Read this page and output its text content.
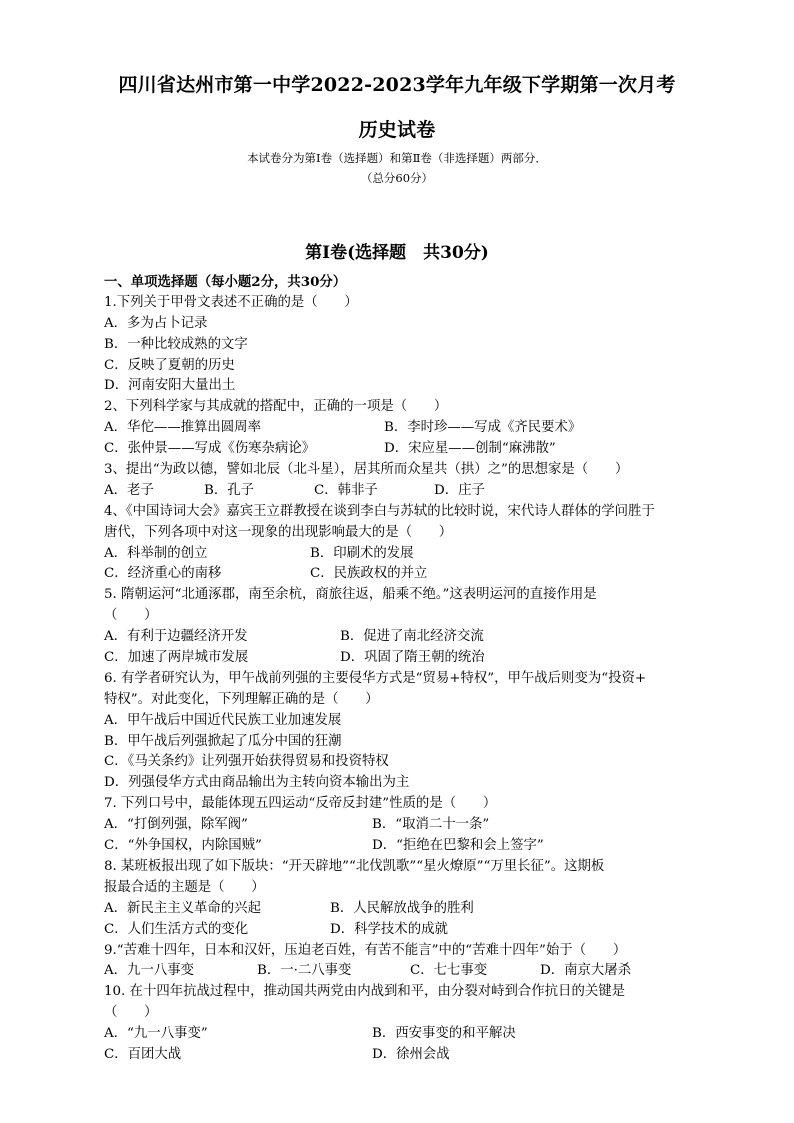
四川省达州市第一中学2022-2023学年九年级下学期第一次月考
历史试卷
本试卷分为第Ⅰ卷（选择题）和第Ⅱ卷（非选择题）两部分．
（总分60分）
第Ⅰ卷(选择题　共30分)
一、单项选择题（每小题2分，共30分）
1.下列关于甲骨文表述不正确的是（　　）
A．多为占卜记录
B．一种比较成熟的文字
C．反映了夏朝的历史
D．河南安阳大量出土
2、下列科学家与其成就的搭配中，正确的一项是（　　）
A．华佗——推算出圆周率	B．李时珍——写成《齐民要术》
C．张仲景——写成《伤寒杂病论》	D．宋应星——创制“麻沸散”
3、提出“为政以德，譬如北辰（北斗星），居其所而众星共（拱）之”的思想家是（　　）
A．老子	B．孔子	C．韩非子	D．庄子
4、《中国诗词大会》嘉宾王立群教授在谈到李白与苏轼的比较时说，宋代诗人群体的学问胜于
唐代，下列各项中对这一现象的出现影响最大的是（　　）
A．科举制的创立	B．印刷术的发展
C．经济重心的南移	C．民族政权的并立
5. 隋朝运河“北通涿郡，南至余杭，商旅往返，船乘不绝。”这表明运河的直接作用是
（　　）
A．有利于边疆经济开发	B．促进了南北经济交流
C．加速了两岸城市发展	D．巩固了隋王朝的统治
6. 有学者研究认为，甲午战前列强的主要侵华方式是“贸易+特权”，甲午战后则变为“投资+
特权”。对此变化，下列理解正确的是（　　）
A．甲午战后中国近代民族工业加速发展
B．甲午战后列强掀起了瓜分中国的狂潮
C．《马关条约》让列强开始获得贸易和投资特权
D．列强侵华方式由商品输出为主转向资本输出为主
7. 下列口号中，最能体现五四运动“反帝反封建”性质的是（　　）
A．“打倒列强，除军阀”	B．“取消二十一条”
C．“外争国权，内除国贼”	D．“拒绝在巴黎和会上签字”
8. 某班板报出现了如下版块：“开天辟地”“北伐凯歌”“星火燎原”“万里长征”。这期板
报最合适的主题是（　　）
A．新民主主义革命的兴起	B．人民解放战争的胜利
C．人们生活方式的变化	D．科学技术的成就
9.“苦难十四年，日本和汉奸，压迫老百姓，有苦不能言”中的“苦难十四年”始于（　　）
A．九一八事变	B．一·二八事变	C．七七事变	D．南京大屠杀
10. 在十四年抗战过程中，推动国共两党由内战到和平，由分裂对峙到合作抗日的关键是
（　　）
A．“九一八事变”	B．西安事变的和平解决
C．百团大战	D．徐州会战
